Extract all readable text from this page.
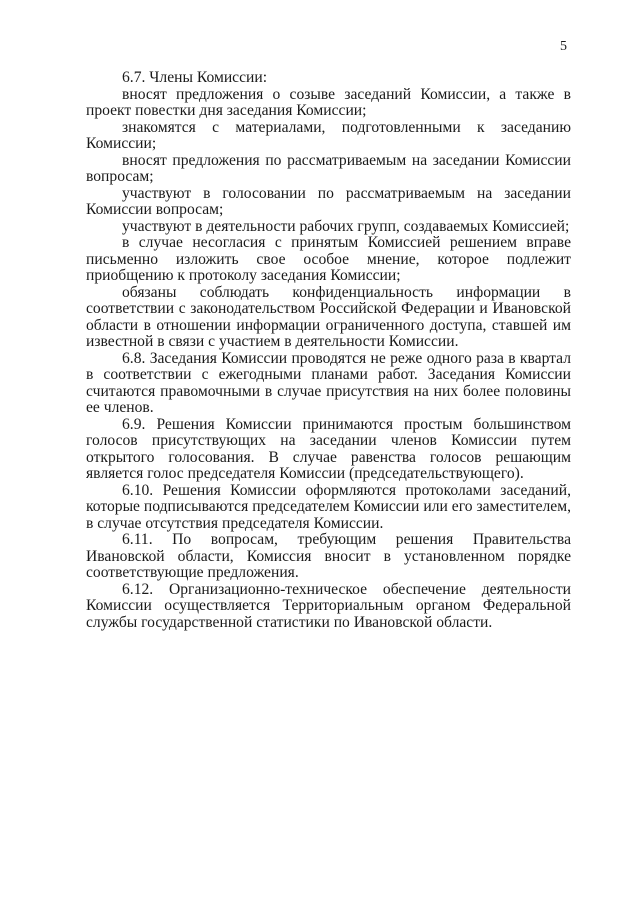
5

6.7. Члены Комиссии:

вносят предложения о созыве заседаний Комиссии, а также в проект повестки дня заседания Комиссии;

знакомятся с материалами, подготовленными к заседанию Комиссии;

вносят предложения по рассматриваемым на заседании Комиссии вопросам;

участвуют в голосовании по рассматриваемым на заседании Комиссии вопросам;

участвуют в деятельности рабочих групп, создаваемых Комиссией;

в случае несогласия с принятым Комиссией решением вправе письменно изложить свое особое мнение, которое подлежит приобщению к протоколу заседания Комиссии;

обязаны соблюдать конфиденциальность информации в соответствии с законодательством Российской Федерации и Ивановской области в отношении информации ограниченного доступа, ставшей им известной в связи с участием в деятельности Комиссии.

6.8. Заседания Комиссии проводятся не реже одного раза в квартал в соответствии с ежегодными планами работ. Заседания Комиссии считаются правомочными в случае присутствия на них более половины ее членов.

6.9. Решения Комиссии принимаются простым большинством голосов присутствующих на заседании членов Комиссии путем открытого голосования. В случае равенства голосов решающим является голос председателя Комиссии (председательствующего).

6.10. Решения Комиссии оформляются протоколами заседаний, которые подписываются председателем Комиссии или его заместителем, в случае отсутствия председателя Комиссии.

6.11. По вопросам, требующим решения Правительства Ивановской области, Комиссия вносит в установленном порядке соответствующие предложения.

6.12. Организационно-техническое обеспечение деятельности Комиссии осуществляется Территориальным органом Федеральной службы государственной статистики по Ивановской области.
